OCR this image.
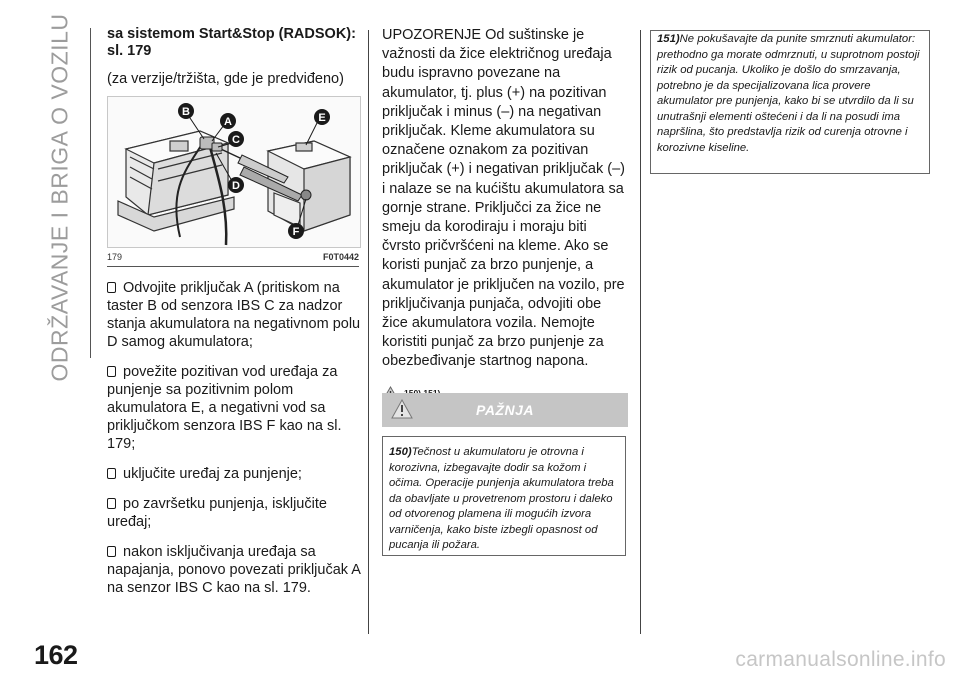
ODRŽAVANJE I BRIGA O VOZILU
162	carmanualsonline.info

sa sistemom Start&Stop (RADSOK): sl. 179

(za verzije/tržišta, gde je predviđeno)

B
A
C
D
E
F
179	F0T0442

Odvojite priključak A (pritiskom na taster B od senzora IBS C za nadzor stanja akumulatora na negativnom polu D samog akumulatora;

povežite pozitivan vod uređaja za punjenje sa pozitivnim polom akumulatora E, a negativni vod sa priključkom senzora IBS F kao na sl. 179;

uključite uređaj za punjenje;

po završetku punjenja, isključite uređaj;

nakon isključivanja uređaja sa napajanja, ponovo povezati priključak A na senzor IBS C kao na sl. 179.

UPOZORENJE Od suštinske je važnosti da žice električnog uređaja budu ispravno povezane na akumulator, tj. plus (+) na pozitivan priključak i minus (–) na negativan priključak. Kleme akumulatora su označene oznakom za pozitivan priključak (+) i negativan priključak (–) i nalaze se na kućištu akumulatora sa gornje strane. Priključci za žice ne smeju da korodiraju i moraju biti čvrsto pričvršćeni na kleme. Ako se koristi punjač za brzo punjenje, a akumulator je priključen na vozilo, pre priključivanja punjača, odvojiti obe žice akumulatora vozila. Nemojte koristiti punjač za brzo punjenje za obezbeđivanje startnog napona.

PAŽNJA

150)Tečnost u akumulatoru je otrovna i korozivna, izbegavajte dodir sa kožom i očima. Operacije punjenja akumulatora treba da obavljate u provetrenom prostoru i daleko od otvorenog plamena ili mogućih izvora varničenja, kako biste izbegli opasnost od pucanja ili požara.

151)Ne pokušavajte da punite smrznuti akumulator: prethodno ga morate odmrznuti, u suprotnom postoji rizik od pucanja. Ukoliko je došlo do smrzavanja, potrebno je da specijalizovana lica provere akumulator pre punjenja, kako bi se utvrdilo da li su unutrašnji elementi oštećeni i da li na posudi ima napršlina, što predstavlja rizik od curenja otrovne i korozivne kiseline.
